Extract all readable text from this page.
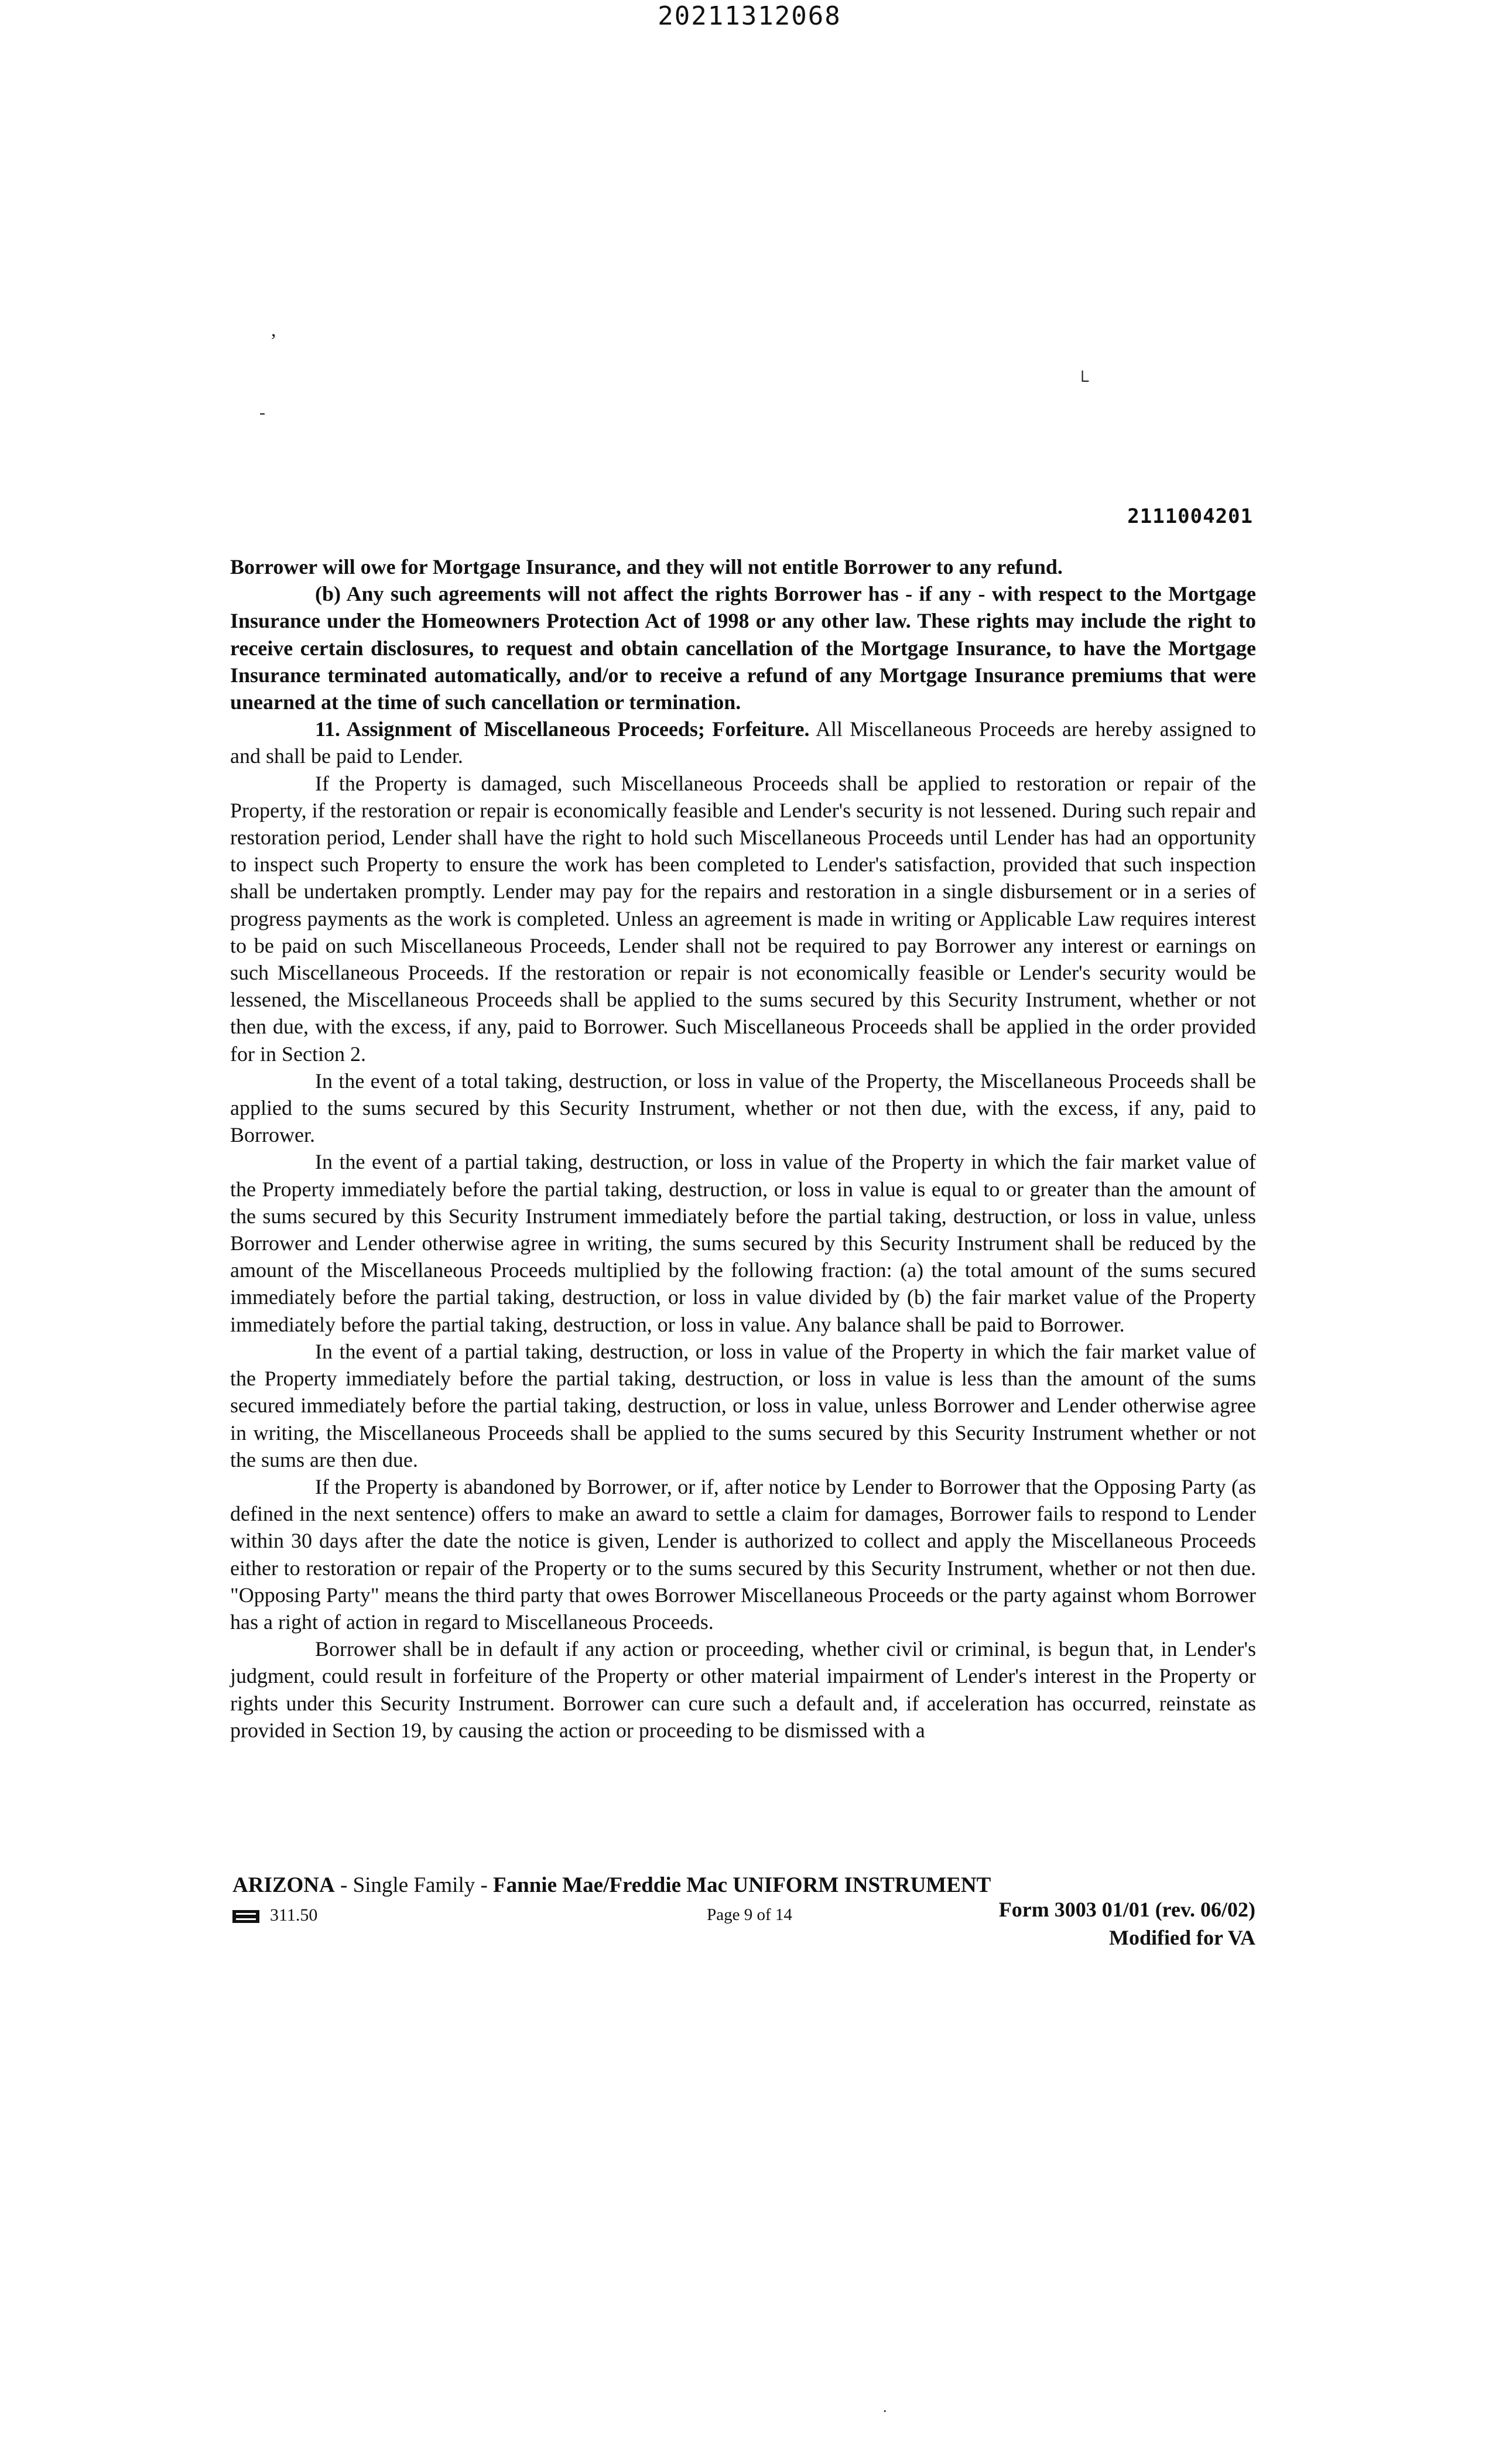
20211312068
,
└
-
.
2111004201

Borrower will owe for Mortgage Insurance, and they will not entitle Borrower to any refund.

(b) Any such agreements will not affect the rights Borrower has - if any - with respect to the Mortgage Insurance under the Homeowners Protection Act of 1998 or any other law. These rights may include the right to receive certain disclosures, to request and obtain cancellation of the Mortgage Insurance, to have the Mortgage Insurance terminated automatically, and/or to receive a refund of any Mortgage Insurance premiums that were unearned at the time of such cancellation or termination.

11. Assignment of Miscellaneous Proceeds; Forfeiture. All Miscellaneous Proceeds are hereby assigned to and shall be paid to Lender.

If the Property is damaged, such Miscellaneous Proceeds shall be applied to restoration or repair of the Property, if the restoration or repair is economically feasible and Lender's security is not lessened. During such repair and restoration period, Lender shall have the right to hold such Miscellaneous Proceeds until Lender has had an opportunity to inspect such Property to ensure the work has been completed to Lender's satisfaction, provided that such inspection shall be undertaken promptly. Lender may pay for the repairs and restoration in a single disbursement or in a series of progress payments as the work is completed. Unless an agreement is made in writing or Applicable Law requires interest to be paid on such Miscellaneous Proceeds, Lender shall not be required to pay Borrower any interest or earnings on such Miscellaneous Proceeds. If the restoration or repair is not economically feasible or Lender's security would be lessened, the Miscellaneous Proceeds shall be applied to the sums secured by this Security Instrument, whether or not then due, with the excess, if any, paid to Borrower. Such Miscellaneous Proceeds shall be applied in the order provided for in Section 2.

In the event of a total taking, destruction, or loss in value of the Property, the Miscellaneous Proceeds shall be applied to the sums secured by this Security Instrument, whether or not then due, with the excess, if any, paid to Borrower.

In the event of a partial taking, destruction, or loss in value of the Property in which the fair market value of the Property immediately before the partial taking, destruction, or loss in value is equal to or greater than the amount of the sums secured by this Security Instrument immediately before the partial taking, destruction, or loss in value, unless Borrower and Lender otherwise agree in writing, the sums secured by this Security Instrument shall be reduced by the amount of the Miscellaneous Proceeds multiplied by the following fraction: (a) the total amount of the sums secured immediately before the partial taking, destruction, or loss in value divided by (b) the fair market value of the Property immediately before the partial taking, destruction, or loss in value. Any balance shall be paid to Borrower.

In the event of a partial taking, destruction, or loss in value of the Property in which the fair market value of the Property immediately before the partial taking, destruction, or loss in value is less than the amount of the sums secured immediately before the partial taking, destruction, or loss in value, unless Borrower and Lender otherwise agree in writing, the Miscellaneous Proceeds shall be applied to the sums secured by this Security Instrument whether or not the sums are then due.

If the Property is abandoned by Borrower, or if, after notice by Lender to Borrower that the Opposing Party (as defined in the next sentence) offers to make an award to settle a claim for damages, Borrower fails to respond to Lender within 30 days after the date the notice is given, Lender is authorized to collect and apply the Miscellaneous Proceeds either to restoration or repair of the Property or to the sums secured by this Security Instrument, whether or not then due. "Opposing Party" means the third party that owes Borrower Miscellaneous Proceeds or the party against whom Borrower has a right of action in regard to Miscellaneous Proceeds.

Borrower shall be in default if any action or proceeding, whether civil or criminal, is begun that, in Lender's judgment, could result in forfeiture of the Property or other material impairment of Lender's interest in the Property or rights under this Security Instrument. Borrower can cure such a default and, if acceleration has occurred, reinstate as provided in Section 19, by causing the action or proceeding to be dismissed with a

ARIZONA - Single Family - Fannie Mae/Freddie Mac UNIFORM INSTRUMENT
311.50	Page 9 of 14	Form 3003 01/01 (rev. 06/02)
Modified for VA
